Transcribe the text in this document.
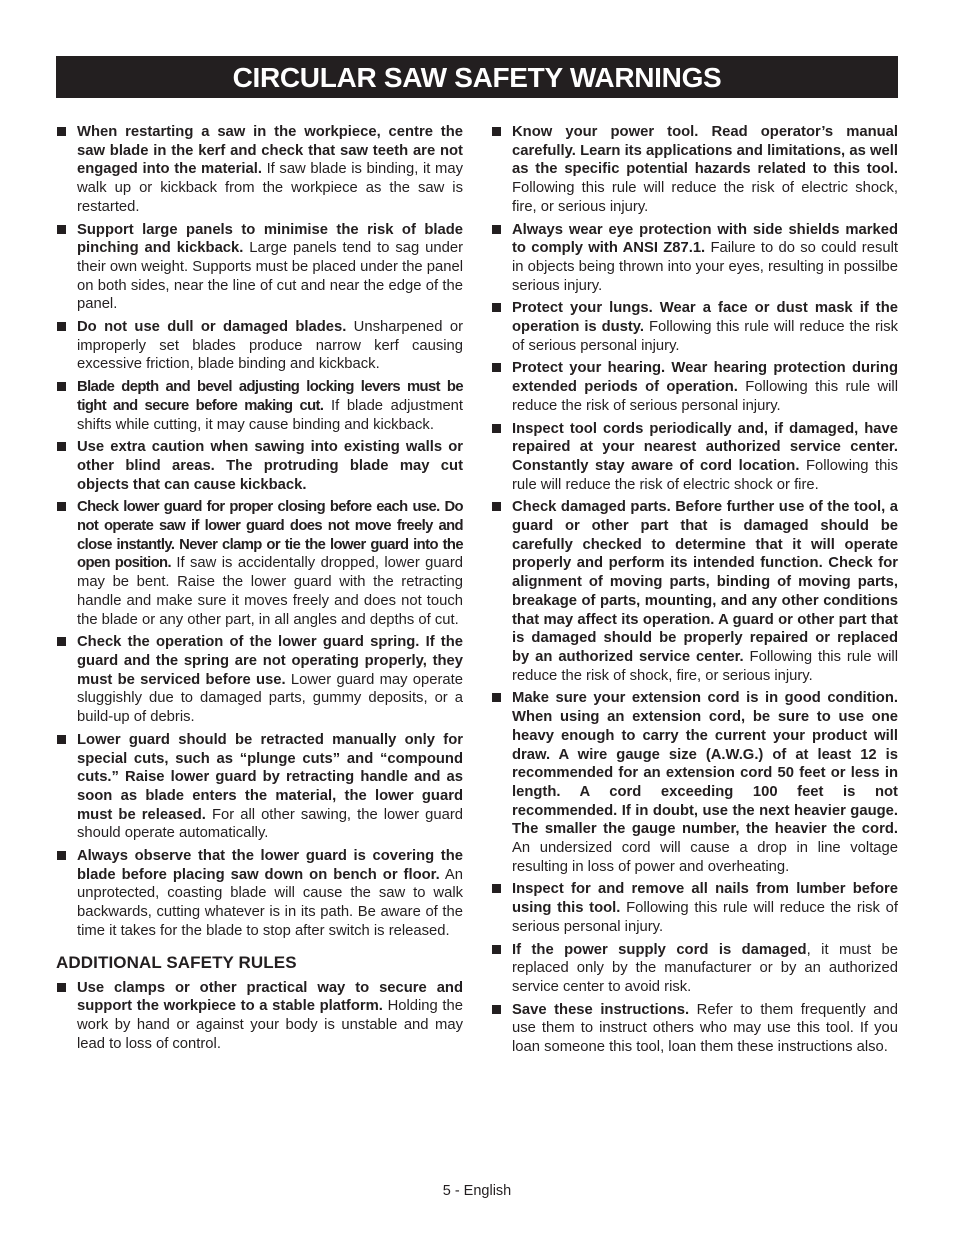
CIRCULAR SAW SAFETY WARNINGS
When restarting a saw in the workpiece, centre the saw blade in the kerf and check that saw teeth are not engaged into the material. If saw blade is binding, it may walk up or kickback from the workpiece as the saw is restarted.
Support large panels to minimise the risk of blade pinching and kickback. Large panels tend to sag under their own weight. Supports must be placed under the panel on both sides, near the line of cut and near the edge of the panel.
Do not use dull or damaged blades. Unsharpened or improperly set blades produce narrow kerf causing excessive friction, blade binding and kickback.
Blade depth and bevel adjusting locking levers must be tight and secure before making cut. If blade adjustment shifts while cutting, it may cause binding and kickback.
Use extra caution when sawing into existing walls or other blind areas. The protruding blade may cut objects that can cause kickback.
Check lower guard for proper closing before each use. Do not operate saw if lower guard does not move freely and close instantly. Never clamp or tie the lower guard into the open position. If saw is accidentally dropped, lower guard may be bent. Raise the lower guard with the retracting handle and make sure it moves freely and does not touch the blade or any other part, in all angles and depths of cut.
Check the operation of the lower guard spring. If the guard and the spring are not operating properly, they must be serviced before use. Lower guard may operate sluggishly due to damaged parts, gummy deposits, or a build-up of debris.
Lower guard should be retracted manually only for special cuts, such as “plunge cuts” and “compound cuts.” Raise lower guard by retracting handle and as soon as blade enters the material, the lower guard must be released. For all other sawing, the lower guard should operate automatically.
Always observe that the lower guard is covering the blade before placing saw down on bench or floor. An unprotected, coasting blade will cause the saw to walk backwards, cutting whatever is in its path. Be aware of the time it takes for the blade to stop after switch is released.
ADDITIONAL SAFETY RULES
Use clamps or other practical way to secure and support the workpiece to a stable platform. Holding the work by hand or against your body is unstable and may lead to loss of control.
Know your power tool. Read operator’s manual carefully. Learn its applications and limitations, as well as the specific potential hazards related to this tool. Following this rule will reduce the risk of electric shock, fire, or serious injury.
Always wear eye protection with side shields marked to comply with ANSI Z87.1. Failure to do so could result in objects being thrown into your eyes, resulting in possilbe serious injury.
Protect your lungs. Wear a face or dust mask if the operation is dusty. Following this rule will reduce the risk of serious personal injury.
Protect your hearing. Wear hearing protection during extended periods of operation. Following this rule will reduce the risk of serious personal injury.
Inspect tool cords periodically and, if damaged, have repaired at your nearest authorized service center. Constantly stay aware of cord location. Following this rule will reduce the risk of electric shock or fire.
Check damaged parts. Before further use of the tool, a guard or other part that is damaged should be carefully checked to determine that it will operate properly and perform its intended function. Check for alignment of moving parts, binding of moving parts, breakage of parts, mounting, and any other conditions that may affect its operation. A guard or other part that is damaged should be properly repaired or replaced by an authorized service center. Following this rule will reduce the risk of shock, fire, or serious injury.
Make sure your extension cord is in good condition. When using an extension cord, be sure to use one heavy enough to carry the current your product will draw. A wire gauge size (A.W.G.) of at least 12 is recommended for an extension cord 50 feet or less in length. A cord exceeding 100 feet is not recommended. If in doubt, use the next heavier gauge. The smaller the gauge number, the heavier the cord. An undersized cord will cause a drop in line voltage resulting in loss of power and overheating.
Inspect for and remove all nails from lumber before using this tool. Following this rule will reduce the risk of serious personal injury.
If the power supply cord is damaged, it must be replaced only by the manufacturer or by an authorized service center to avoid risk.
Save these instructions. Refer to them frequently and use them to instruct others who may use this tool. If you loan someone this tool, loan them these instructions also.
5 - English
